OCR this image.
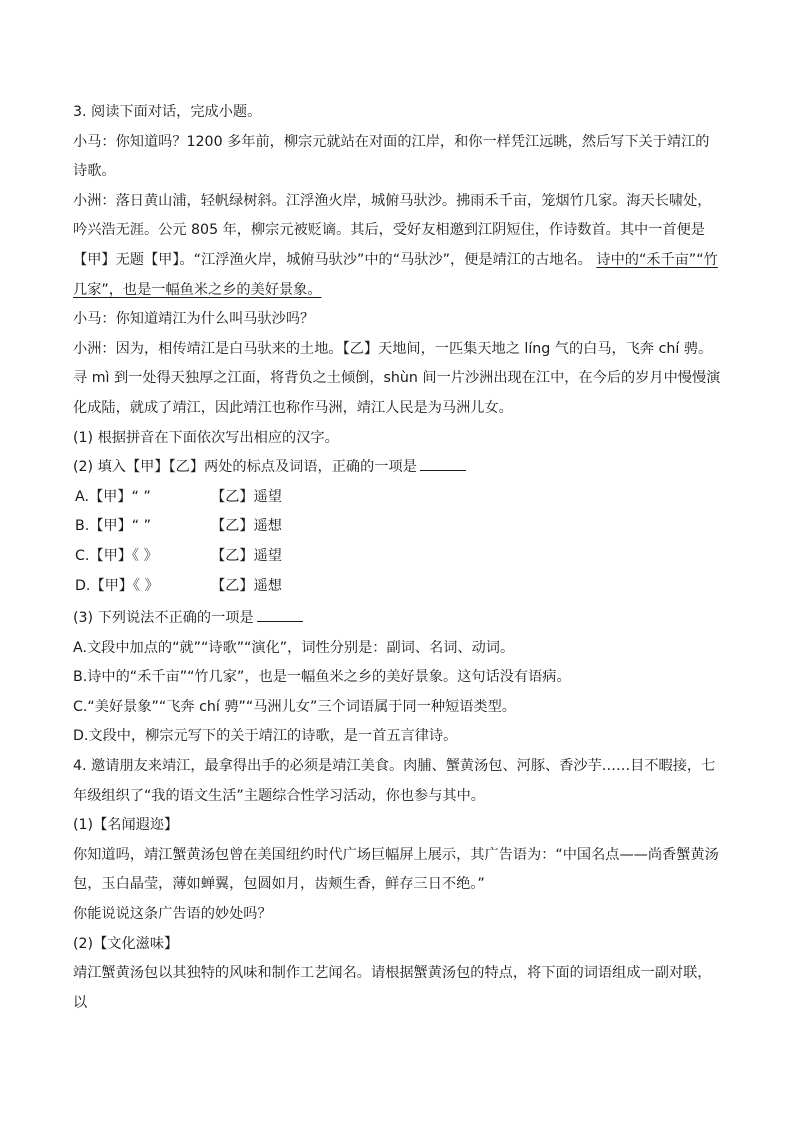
3. 阅读下面对话，完成小题。

小马：你知道吗？1200 多年前，柳宗元就站在对面的江岸，和你一样凭江远眺，然后写下关于靖江的诗歌。

小洲：落日黄山浦，轻帆绿树斜。江浮渔火岸，城俯马驮沙。拂雨禾千亩，笼烟竹几家。海天长啸处，吟兴浩无涯。公元 805 年，柳宗元被贬谪。其后，受好友相邀到江阴短住，作诗数首。其中一首便是【甲】无题【甲】。“江浮渔火岸，城俯马驮沙”中的“马驮沙”，便是靖江的古地名。 诗中的“禾千亩”“竹几家”，也是一幅鱼米之乡的美好景象。

小马：你知道靖江为什么叫马驮沙吗？

小洲：因为，相传靖江是白马驮来的土地。【乙】天地间，一匹集天地之 líng 气的白马，飞奔 chí 骋。寻 mì 到一处得天独厚之江面，将背负之土倾倒，shùn 间一片沙洲出现在江中，在今后的岁月中慢慢演化成陆，就成了靖江，因此靖江也称作马洲，靖江人民是为马洲儿女。

(1) 根据拼音在下面依次写出相应的汉字。

(2) 填入【甲】【乙】两处的标点及词语，正确的一项是

A.【甲】“ ”	【乙】遥望
B.【甲】“ ”	【乙】遥想
C.【甲】《 》	【乙】遥望
D.【甲】《 》	【乙】遥想

(3) 下列说法不正确的一项是

A.文段中加点的“就”“诗歌”“演化”，词性分别是：副词、名词、动词。

B.诗中的“禾千亩”“竹几家”，也是一幅鱼米之乡的美好景象。这句话没有语病。

C.“美好景象”“飞奔 chí 骋”“马洲儿女”三个词语属于同一种短语类型。

D.文段中，柳宗元写下的关于靖江的诗歌，是一首五言律诗。

4. 邀请朋友来靖江，最拿得出手的必须是靖江美食。肉脯、蟹黄汤包、河豚、香沙芋……目不暇接，七年级组织了“我的语文生活”主题综合性学习活动，你也参与其中。

(1)【名闻遐迩】

你知道吗，靖江蟹黄汤包曾在美国纽约时代广场巨幅屏上展示，其广告语为：“中国名点——尚香蟹黄汤包，玉白晶莹，薄如蝉翼，包圆如月，齿颊生香，鲜存三日不绝。”

你能说说这条广告语的妙处吗？

(2)【文化滋味】

靖江蟹黄汤包以其独特的风味和制作工艺闻名。请根据蟹黄汤包的特点，将下面的词语组成一副对联，以
